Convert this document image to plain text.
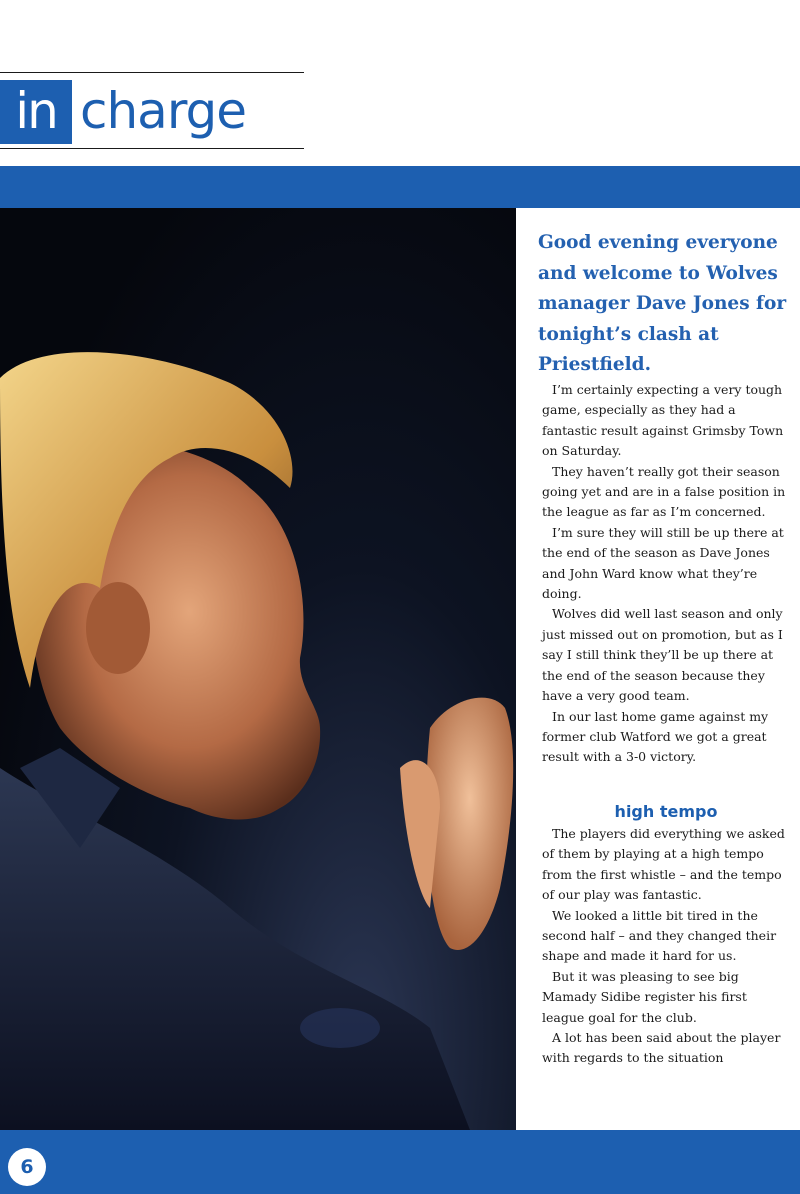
in charge

Good evening everyone and welcome to Wolves manager Dave Jones for tonight’s clash at Priestfield.

I’m certainly expecting a very tough game, especially as they had a fantastic result against Grimsby Town on Saturday.

They haven’t really got their season going yet and are in a false position in the league as far as I’m concerned.

I’m sure they will still be up there at the end of the season as Dave Jones and John Ward know what they’re doing.

Wolves did well last season and only just missed out on promotion, but as I say I still think they’ll be up there at the end of the season because they have a very good team.

In our last home game against my former club Watford we got a great result with a 3-0 victory.

high tempo

The players did everything we asked of them by playing at a high tempo from the first whistle – and the tempo of our play was fantastic.

We looked a little bit tired in the second half – and they changed their shape and made it hard for us.

But it was pleasing to see big Mamady Sidibe register his first league goal for the club.

A lot has been said about the player with regards to the situation

6
